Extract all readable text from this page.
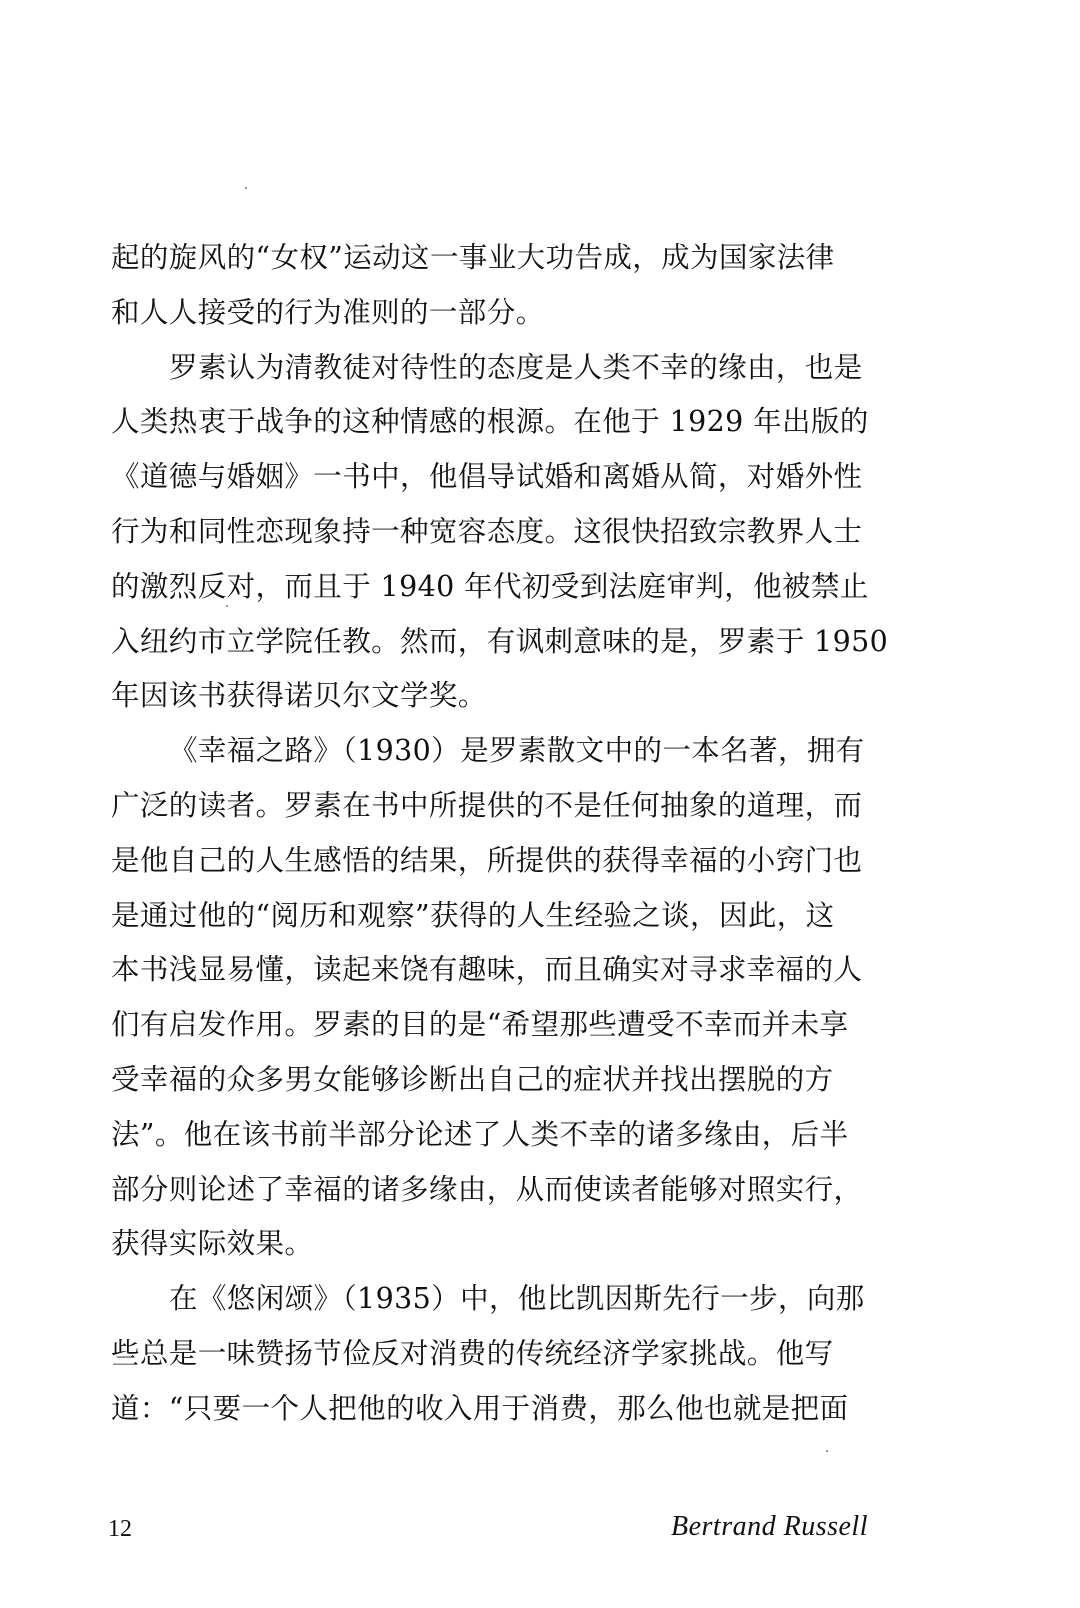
起的旋风的“女权”运动这一事业大功告成，成为国家法律
和人人接受的行为准则的一部分。
罗素认为清教徒对待性的态度是人类不幸的缘由，也是
人类热衷于战争的这种情感的根源。在他于 1929 年出版的
《道德与婚姻》一书中，他倡导试婚和离婚从简，对婚外性
行为和同性恋现象持一种宽容态度。这很快招致宗教界人士
的激烈反对，而且于 1940 年代初受到法庭审判，他被禁止
入纽约市立学院任教。然而，有讽刺意味的是，罗素于 1950
年因该书获得诺贝尔文学奖。
《幸福之路》（1930）是罗素散文中的一本名著，拥有
广泛的读者。罗素在书中所提供的不是任何抽象的道理，而
是他自己的人生感悟的结果，所提供的获得幸福的小窍门也
是通过他的“阅历和观察”获得的人生经验之谈，因此，这
本书浅显易懂，读起来饶有趣味，而且确实对寻求幸福的人
们有启发作用。罗素的目的是“希望那些遭受不幸而并未享
受幸福的众多男女能够诊断出自己的症状并找出摆脱的方
法”。他在该书前半部分论述了人类不幸的诸多缘由，后半
部分则论述了幸福的诸多缘由，从而使读者能够对照实行，
获得实际效果。
在《悠闲颂》（1935）中，他比凯因斯先行一步，向那
些总是一味赞扬节俭反对消费的传统经济学家挑战。他写
道：“只要一个人把他的收入用于消费，那么他也就是把面
12	Bertrand Russell
